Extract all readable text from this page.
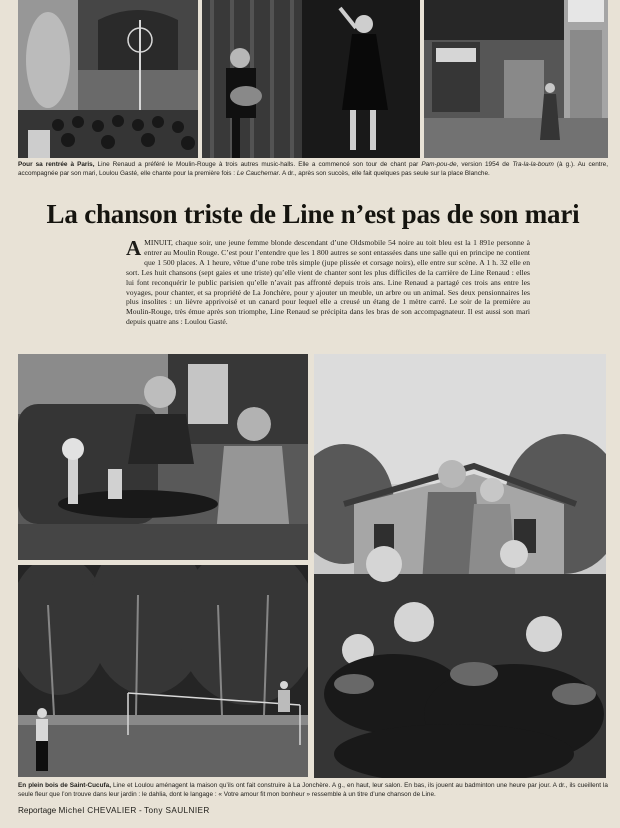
Pour sa rentrée à Paris, Line Renaud a préféré le Moulin-Rouge à trois autres music-halls. Elle a commencé son tour de chant par Pam-pou-de, version 1954 de Tra-la-la-boum (à g.). Au centre, accompagnée par son mari, Loulou Gasté, elle chante pour la première fois : Le Cauchemar. A dr., après son succès, elle fait quelques pas seule sur la place Blanche.
La chanson triste de Line n’est pas de son mari
AMINUIT, chaque soir, une jeune femme blonde descendant d’une Oldsmobile 54 noire au toit bleu est la 1 891e personne à entrer au Moulin Rouge. C’est pour l’entendre que les 1 800 autres se sont entassées dans une salle qui en principe ne contient que 1 500 places. A 1 heure, vêtue d’une robe très simple (jupe plissée et corsage noirs), elle entre sur scène. A 1 h. 32 elle en sort. Les huit chansons (sept gaies et une triste) qu’elle vient de chanter sont les plus difficiles de la carrière de Line Renaud : elles lui font reconquérir le public parisien qu’elle n’avait pas affronté depuis trois ans. Line Renaud a partagé ces trois ans entre les voyages, pour chanter, et sa propriété de La Jonchère, pour y ajouter un meuble, un arbre ou un animal. Ses deux pensionnaires les plus insolites : un lièvre apprivoisé et un canard pour lequel elle a creusé un étang de 1 mètre carré. Le soir de la première au Moulin-Rouge, très émue après son triomphe, Line Renaud se précipita dans les bras de son accompagnateur. Il est aussi son mari depuis quatre ans : Loulou Gasté.
En plein bois de Saint-Cucufa, Line et Loulou aménagent la maison qu’ils ont fait construire à La Jonchère. A g., en haut, leur salon. En bas, ils jouent au badminton une heure par jour. A dr., ils cueillent la seule fleur que l’on trouve dans leur jardin : le dahlia, dont le langage : « Votre amour fit mon bonheur » ressemble à un titre d’une chanson de Line.
Reportage Michel CHEVALIER - Tony SAULNIER
